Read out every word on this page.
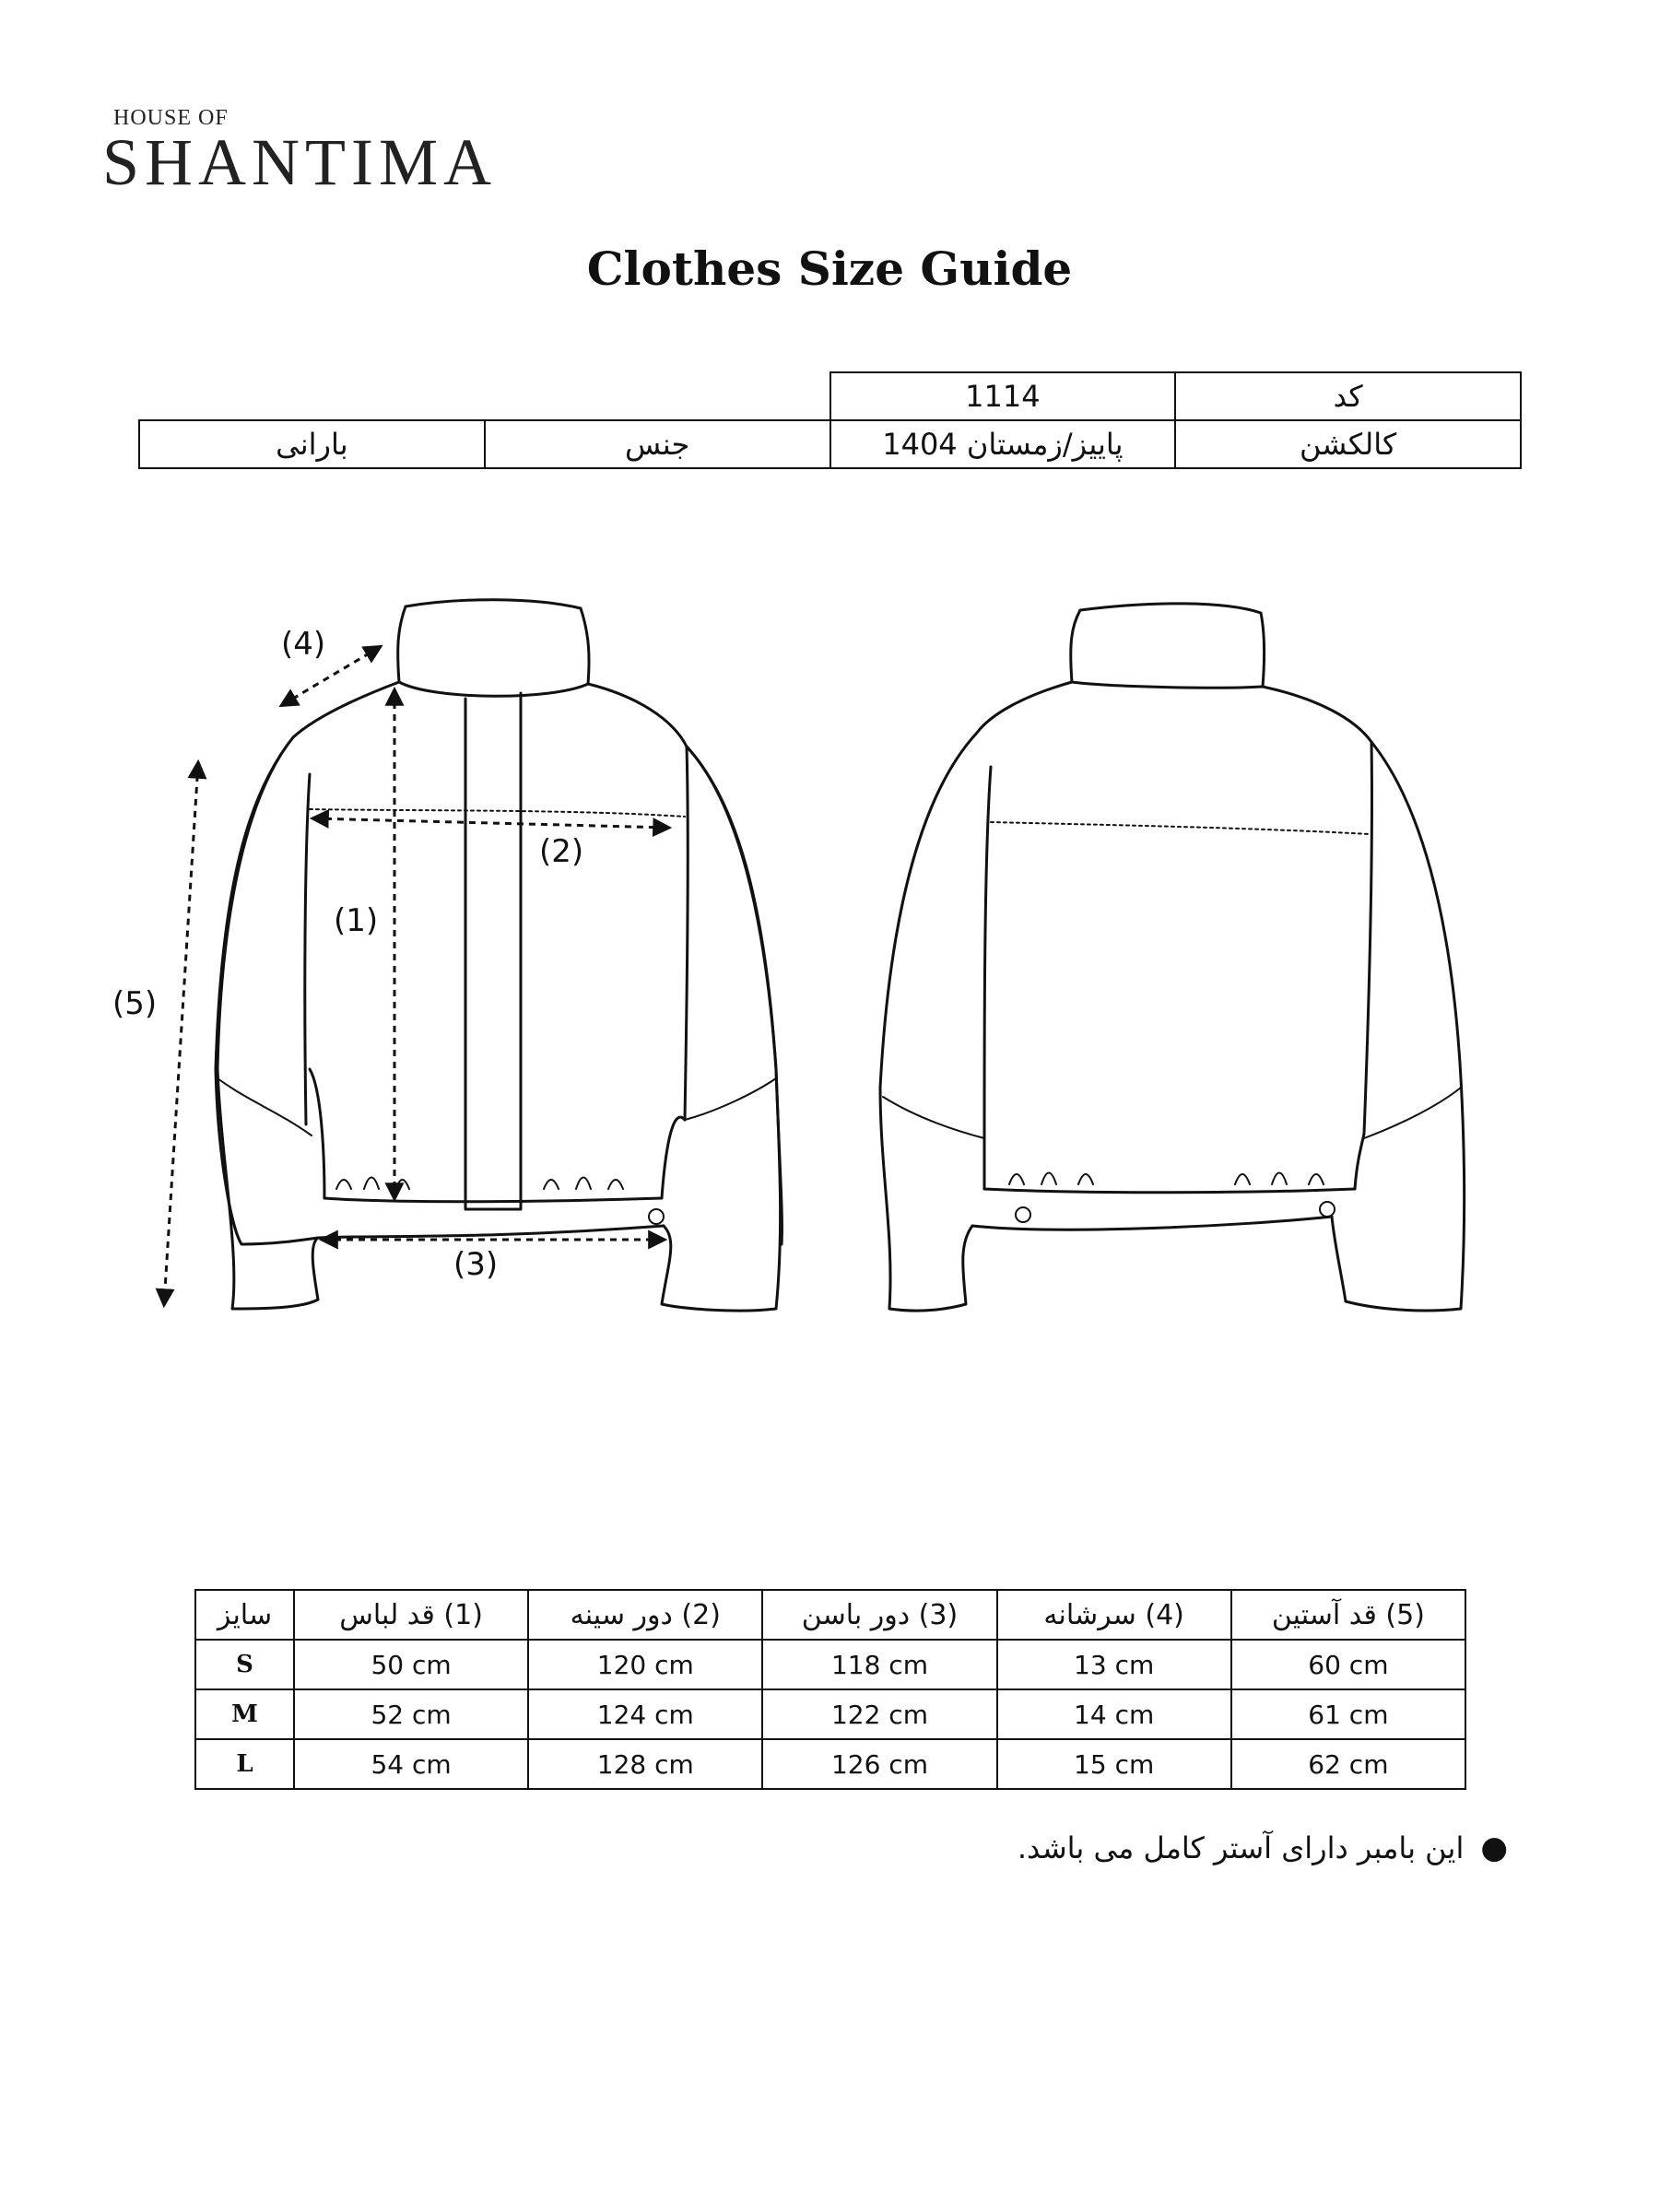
HOUSE OF
SHANTIMA
Clothes Size Guide
		1114	کد
بارانی	جنس	پاییز/زمستان 1404	کالکشن
(1)
(2)
(3)
(4)
(5)
سایز	(1) قد لباس	(2) دور سینه	(3) دور باسن	(4) سرشانه	(5) قد آستین
S	50 cm	120 cm	118 cm	13 cm	60 cm
M	52 cm	124 cm	122 cm	14 cm	61 cm
L	54 cm	128 cm	126 cm	15 cm	62 cm
●
این بامبر دارای آستر کامل می باشد.
